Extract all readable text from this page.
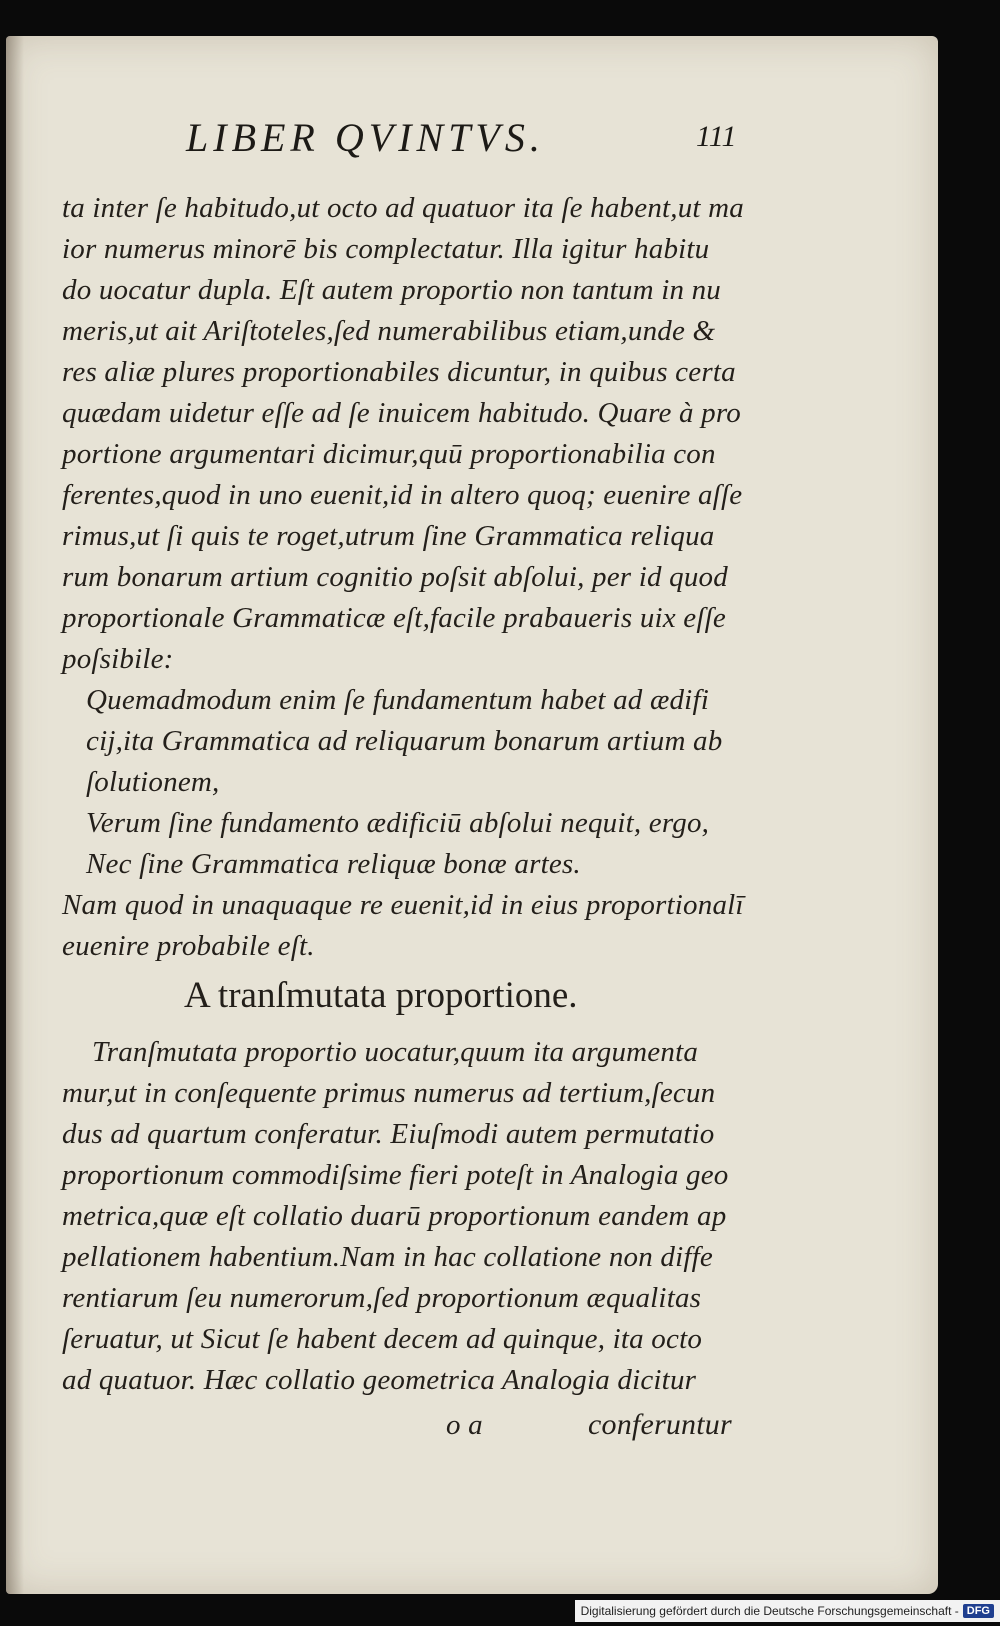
LIBER QVINTVS.	111
ta inter ſe habitudo,ut octo ad quatuor ita ſe habent,ut ma
ior numerus minorē bis complectatur. Illa igitur habitu
do uocatur dupla. Eſt autem proportio non tantum in nu
meris,ut ait Ariſtoteles,ſed numerabilibus etiam,unde &
res aliæ plures proportionabiles dicuntur, in quibus certa
quædam uidetur eſſe ad ſe inuicem habitudo. Quare à pro
portione argumentari dicimur,quū proportionabilia con
ferentes,quod in uno euenit,id in altero quoq; euenire aſſe
rimus,ut ſi quis te roget,utrum ſine Grammatica reliqua
rum bonarum artium cognitio poſsit abſolui, per id quod
proportionale Grammaticæ eſt,facile prabaueris uix eſſe
poſsibile:
Quemadmodum enim ſe fundamentum habet ad ædifi
cij,ita Grammatica ad reliquarum bonarum artium ab
ſolutionem,
Verum ſine fundamento ædificiū abſolui nequit, ergo,
Nec ſine Grammatica reliquæ bonæ artes.
Nam quod in unaquaque re euenit,id in eius proportionalī
euenire probabile eſt.
A tranſmutata proportione.
Tranſmutata proportio uocatur,quum ita argumenta
mur,ut in conſequente primus numerus ad tertium,ſecun
dus ad quartum conferatur. Eiuſmodi autem permutatio
proportionum commodiſsime fieri poteſt in Analogia geo
metrica,quæ eſt collatio duarū proportionum eandem ap
pellationem habentium.Nam in hac collatione non diffe
rentiarum ſeu numerorum,ſed proportionum æqualitas
ſeruatur, ut Sicut ſe habent decem ad quinque, ita octo
ad quatuor. Hæc collatio geometrica Analogia dicitur
o a	conferuntur
Digitalisierung gefördert durch die Deutsche Forschungsgemeinschaft - DFG
